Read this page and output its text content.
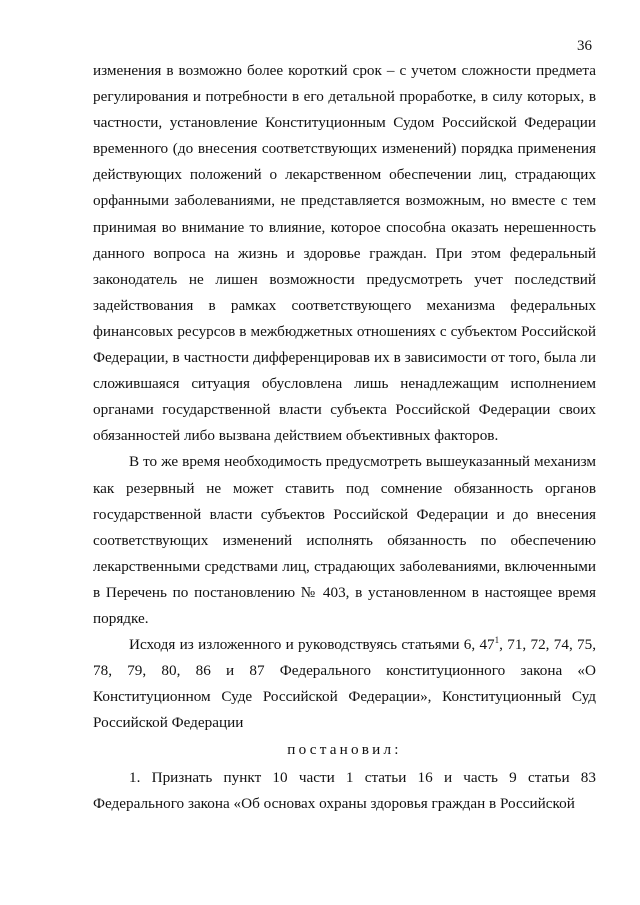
36

изменения в возможно более короткий срок – с учетом сложности предмета регулирования и потребности в его детальной проработке, в силу которых, в частности, установление Конституционным Судом Российской Федерации временного (до внесения соответствующих изменений) порядка применения действующих положений о лекарственном обеспечении лиц, страдающих орфанными заболеваниями, не представляется возможным, но вместе с тем принимая во внимание то влияние, которое способна оказать нерешенность данного вопроса на жизнь и здоровье граждан. При этом федеральный законодатель не лишен возможности предусмотреть учет последствий задействования в рамках соответствующего механизма федеральных финансовых ресурсов в межбюджетных отношениях с субъектом Российской Федерации, в частности дифференцировав их в зависимости от того, была ли сложившаяся ситуация обусловлена лишь ненадлежащим исполнением органами государственной власти субъекта Российской Федерации своих обязанностей либо вызвана действием объективных факторов.

В то же время необходимость предусмотреть вышеуказанный механизм как резервный не может ставить под сомнение обязанность органов государственной власти субъектов Российской Федерации и до внесения соответствующих изменений исполнять обязанность по обеспечению лекарственными средствами лиц, страдающих заболеваниями, включенными в Перечень по постановлению № 403, в установленном в настоящее время порядке.

Исходя из изложенного и руководствуясь статьями 6, $47^1$, 71, 72, 74, 75, 78, 79, 80, 86 и 87 Федерального конституционного закона «О Конституционном Суде Российской Федерации», Конституционный Суд Российской Федерации

постановил:

1. Признать пункт 10 части 1 статьи 16 и часть 9 статьи 83 Федерального закона «Об основах охраны здоровья граждан в Российской
